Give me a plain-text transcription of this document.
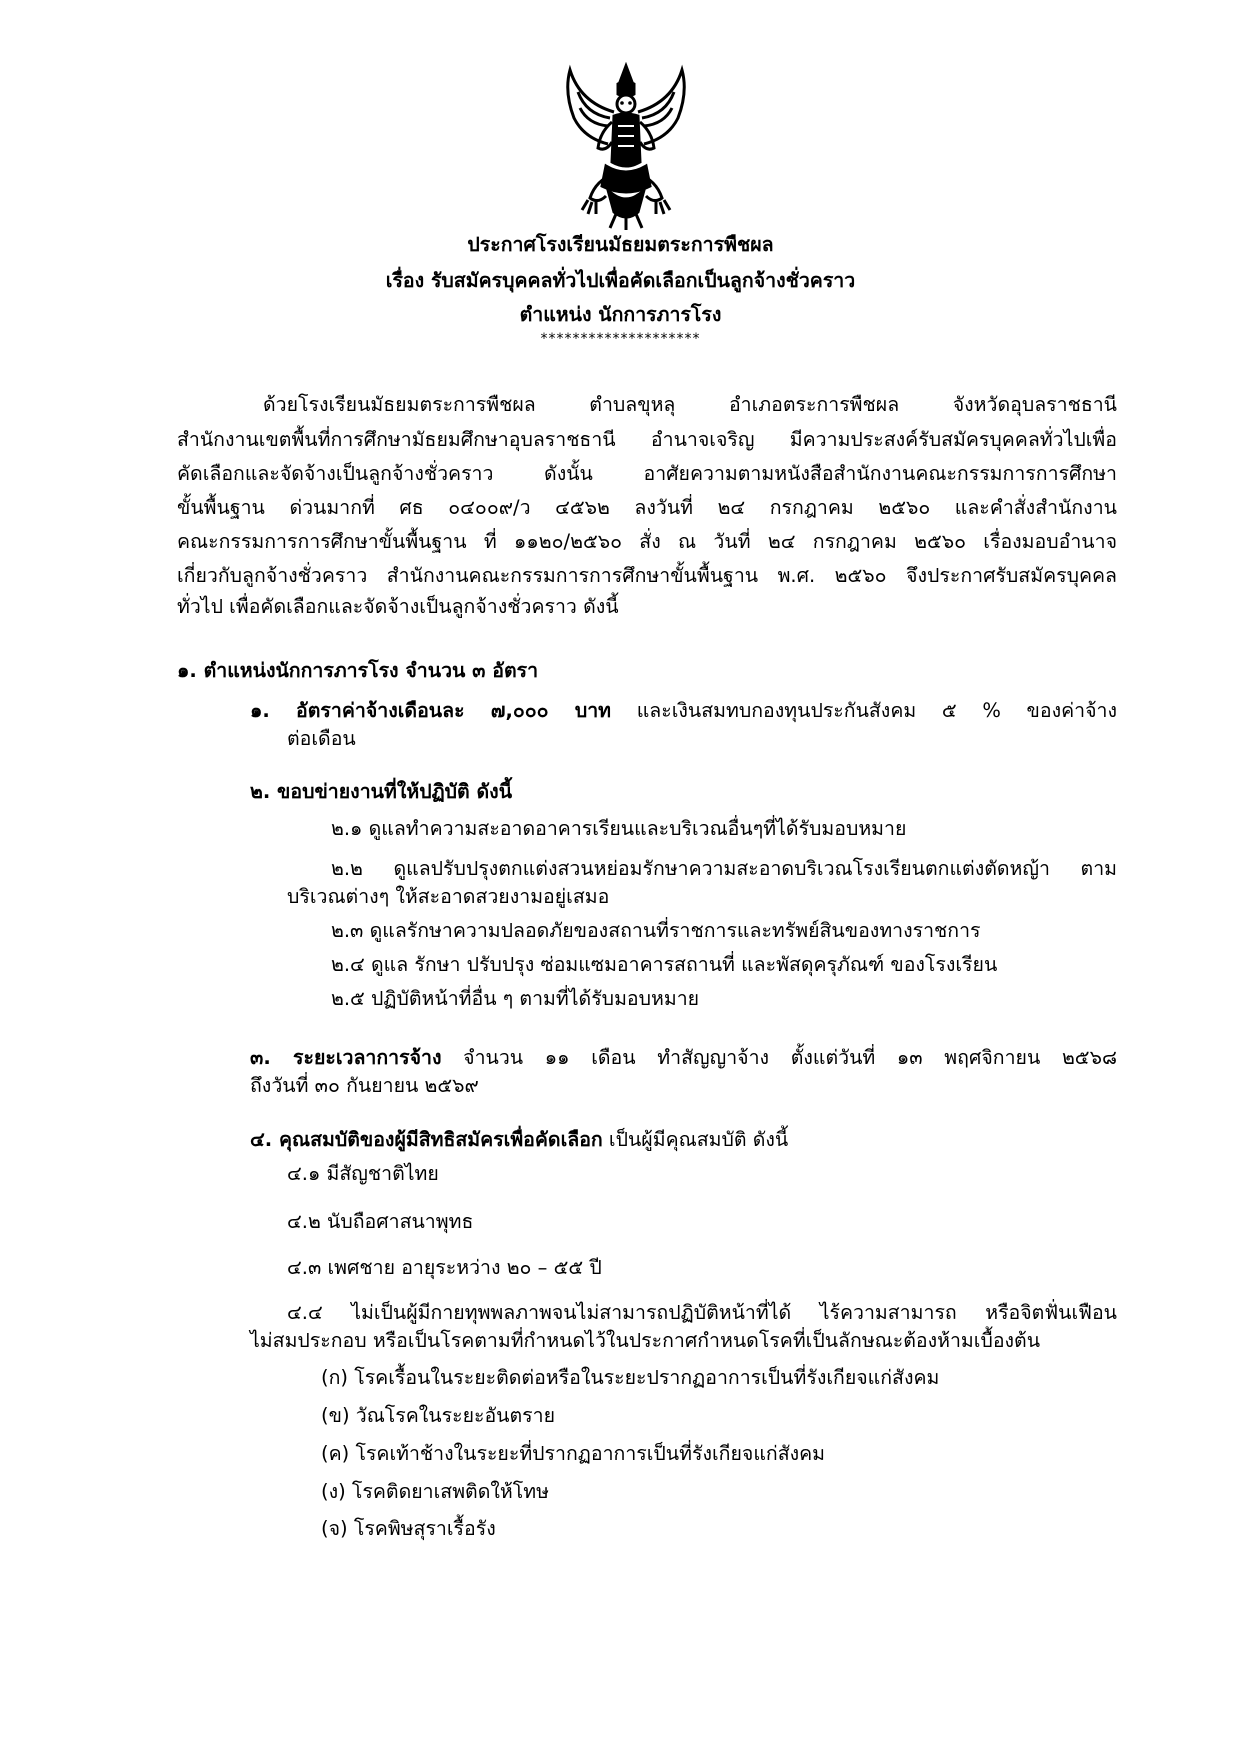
ประกาศโรงเรียนมัธยมตระการพืชผล
เรื่อง รับสมัครบุคคลทั่วไปเพื่อคัดเลือกเป็นลูกจ้างชั่วคราว
ตำแหน่ง นักการภารโรง
********************
ด้วยโรงเรียนมัธยมตระการพืชผล ตำบลขุหลุ อำเภอตระการพืชผล จังหวัดอุบลราชธานี
สำนักงานเขตพื้นที่การศึกษามัธยมศึกษาอุบลราชธานี อำนาจเจริญ มีความประสงค์รับสมัครบุคคลทั่วไปเพื่อ
คัดเลือกและจัดจ้างเป็นลูกจ้างชั่วคราว ดังนั้น อาศัยความตามหนังสือสำนักงานคณะกรรมการการศึกษา
ขั้นพื้นฐาน ด่วนมากที่ ศธ ๐๔๐๐๙/ว ๔๕๖๒ ลงวันที่ ๒๔ กรกฎาคม ๒๕๖๐ และคำสั่งสำนักงาน
คณะกรรมการการศึกษาขั้นพื้นฐาน ที่ ๑๑๒๐/๒๕๖๐ สั่ง ณ วันที่ ๒๔ กรกฎาคม ๒๕๖๐ เรื่องมอบอำนาจ
เกี่ยวกับลูกจ้างชั่วคราว สำนักงานคณะกรรมการการศึกษาขั้นพื้นฐาน พ.ศ. ๒๕๖๐ จึงประกาศรับสมัครบุคคล
ทั่วไป เพื่อคัดเลือกและจัดจ้างเป็นลูกจ้างชั่วคราว ดังนี้
๑. ตำแหน่งนักการภารโรง จำนวน ๓ อัตรา
๑. อัตราค่าจ้างเดือนละ ๗,๐๐๐ บาท และเงินสมทบกองทุนประกันสังคม ๕ % ของค่าจ้าง
ต่อเดือน
๒. ขอบข่ายงานที่ให้ปฏิบัติ ดังนี้
๒.๑ ดูแลทำความสะอาดอาคารเรียนและบริเวณอื่นๆที่ได้รับมอบหมาย
๒.๒ ดูแลปรับปรุงตกแต่งสวนหย่อมรักษาความสะอาดบริเวณโรงเรียนตกแต่งตัดหญ้า ตาม
บริเวณต่างๆ ให้สะอาดสวยงามอยู่เสมอ
๒.๓ ดูแลรักษาความปลอดภัยของสถานที่ราชการและทรัพย์สินของทางราชการ
๒.๔ ดูแล รักษา ปรับปรุง ซ่อมแซมอาคารสถานที่ และพัสดุครุภัณฑ์ ของโรงเรียน
๒.๕ ปฏิบัติหน้าที่อื่น ๆ ตามที่ได้รับมอบหมาย
๓. ระยะเวลาการจ้าง จำนวน ๑๑ เดือน ทำสัญญาจ้าง ตั้งแต่วันที่ ๑๓ พฤศจิกายน ๒๕๖๘
ถึงวันที่ ๓๐ กันยายน ๒๕๖๙
๔. คุณสมบัติของผู้มีสิทธิสมัครเพื่อคัดเลือก เป็นผู้มีคุณสมบัติ ดังนี้
๔.๑ มีสัญชาติไทย
๔.๒ นับถือศาสนาพุทธ
๔.๓ เพศชาย อายุระหว่าง ๒๐ – ๕๕ ปี
๔.๔ ไม่เป็นผู้มีกายทุพพลภาพจนไม่สามารถปฏิบัติหน้าที่ได้ ไร้ความสามารถ หรือจิตฟั่นเฟือน
ไม่สมประกอบ หรือเป็นโรคตามที่กำหนดไว้ในประกาศกำหนดโรคที่เป็นลักษณะต้องห้ามเบื้องต้น
(ก) โรคเรื้อนในระยะติดต่อหรือในระยะปรากฏอาการเป็นที่รังเกียจแก่สังคม
(ข) วัณโรคในระยะอันตราย
(ค) โรคเท้าช้างในระยะที่ปรากฏอาการเป็นที่รังเกียจแก่สังคม
(ง) โรคติดยาเสพติดให้โทษ
(จ) โรคพิษสุราเรื้อรัง
